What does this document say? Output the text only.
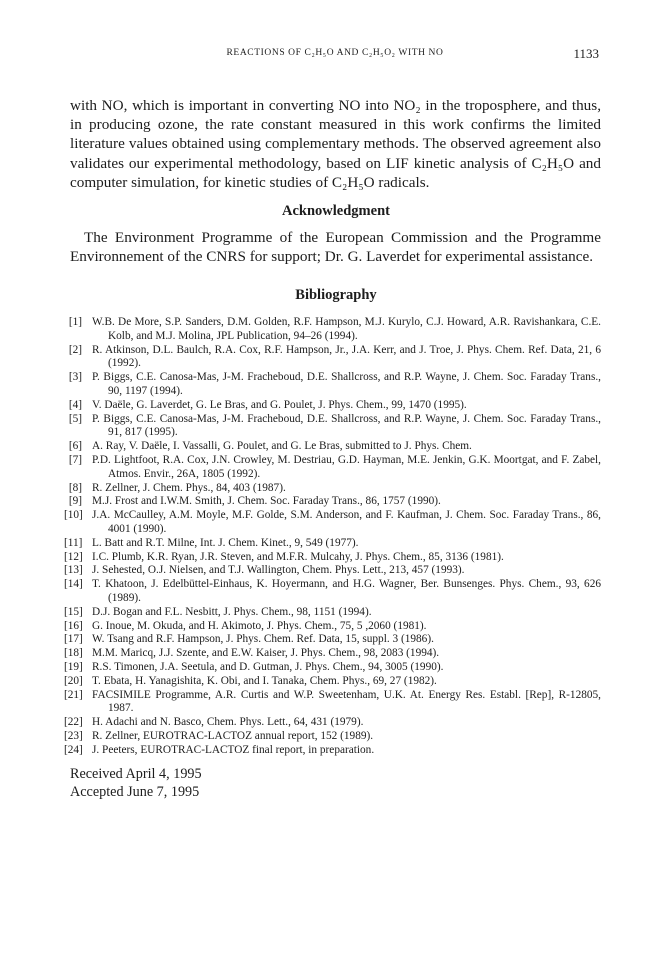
REACTIONS OF C₂H₅O AND C₂H₅O₂ WITH NO	1133

with NO, which is important in converting NO into NO₂ in the troposphere, and thus, in producing ozone, the rate constant measured in this work confirms the limited literature values obtained using complementary methods. The observed agreement also validates our experimental methodology, based on LIF kinetic analysis of C₂H₅O and computer simulation, for kinetic studies of C₂H₅O radicals.

Acknowledgment

The Environment Programme of the European Commission and the Programme Environnement of the CNRS for support; Dr. G. Laverdet for experimental assistance.

Bibliography
[1] W.B. De More, S.P. Sanders, D.M. Golden, R.F. Hampson, M.J. Kurylo, C.J. Howard, A.R. Ravishankara, C.E. Kolb, and M.J. Molina, JPL Publication, 94–26 (1994).
[2] R. Atkinson, D.L. Baulch, R.A. Cox, R.F. Hampson, Jr., J.A. Kerr, and J. Troe, J. Phys. Chem. Ref. Data, 21, 6 (1992).
[3] P. Biggs, C.E. Canosa-Mas, J-M. Fracheboud, D.E. Shallcross, and R.P. Wayne, J. Chem. Soc. Faraday Trans., 90, 1197 (1994).
[4] V. Daële, G. Laverdet, G. Le Bras, and G. Poulet, J. Phys. Chem., 99, 1470 (1995).
[5] P. Biggs, C.E. Canosa-Mas, J-M. Fracheboud, D.E. Shallcross, and R.P. Wayne, J. Chem. Soc. Faraday Trans., 91, 817 (1995).
[6] A. Ray, V. Daële, I. Vassalli, G. Poulet, and G. Le Bras, submitted to J. Phys. Chem.
[7] P.D. Lightfoot, R.A. Cox, J.N. Crowley, M. Destriau, G.D. Hayman, M.E. Jenkin, G.K. Moortgat, and F. Zabel, Atmos. Envir., 26A, 1805 (1992).
[8] R. Zellner, J. Chem. Phys., 84, 403 (1987).
[9] M.J. Frost and I.W.M. Smith, J. Chem. Soc. Faraday Trans., 86, 1757 (1990).
[10] J.A. McCaulley, A.M. Moyle, M.F. Golde, S.M. Anderson, and F. Kaufman, J. Chem. Soc. Faraday Trans., 86, 4001 (1990).
[11] L. Batt and R.T. Milne, Int. J. Chem. Kinet., 9, 549 (1977).
[12] I.C. Plumb, K.R. Ryan, J.R. Steven, and M.F.R. Mulcahy, J. Phys. Chem., 85, 3136 (1981).
[13] J. Sehested, O.J. Nielsen, and T.J. Wallington, Chem. Phys. Lett., 213, 457 (1993).
[14] T. Khatoon, J. Edelbüttel-Einhaus, K. Hoyermann, and H.G. Wagner, Ber. Bunsenges. Phys. Chem., 93, 626 (1989).
[15] D.J. Bogan and F.L. Nesbitt, J. Phys. Chem., 98, 1151 (1994).
[16] G. Inoue, M. Okuda, and H. Akimoto, J. Phys. Chem., 75, 5 ,2060 (1981).
[17] W. Tsang and R.F. Hampson, J. Phys. Chem. Ref. Data, 15, suppl. 3 (1986).
[18] M.M. Maricq, J.J. Szente, and E.W. Kaiser, J. Phys. Chem., 98, 2083 (1994).
[19] R.S. Timonen, J.A. Seetula, and D. Gutman, J. Phys. Chem., 94, 3005 (1990).
[20] T. Ebata, H. Yanagishita, K. Obi, and I. Tanaka, Chem. Phys., 69, 27 (1982).
[21] FACSIMILE Programme, A.R. Curtis and W.P. Sweetenham, U.K. At. Energy Res. Establ. [Rep], R-12805, 1987.
[22] H. Adachi and N. Basco, Chem. Phys. Lett., 64, 431 (1979).
[23] R. Zellner, EUROTRAC-LACTOZ annual report, 152 (1989).
[24] J. Peeters, EUROTRAC-LACTOZ final report, in preparation.
Received April 4, 1995
Accepted June 7, 1995
